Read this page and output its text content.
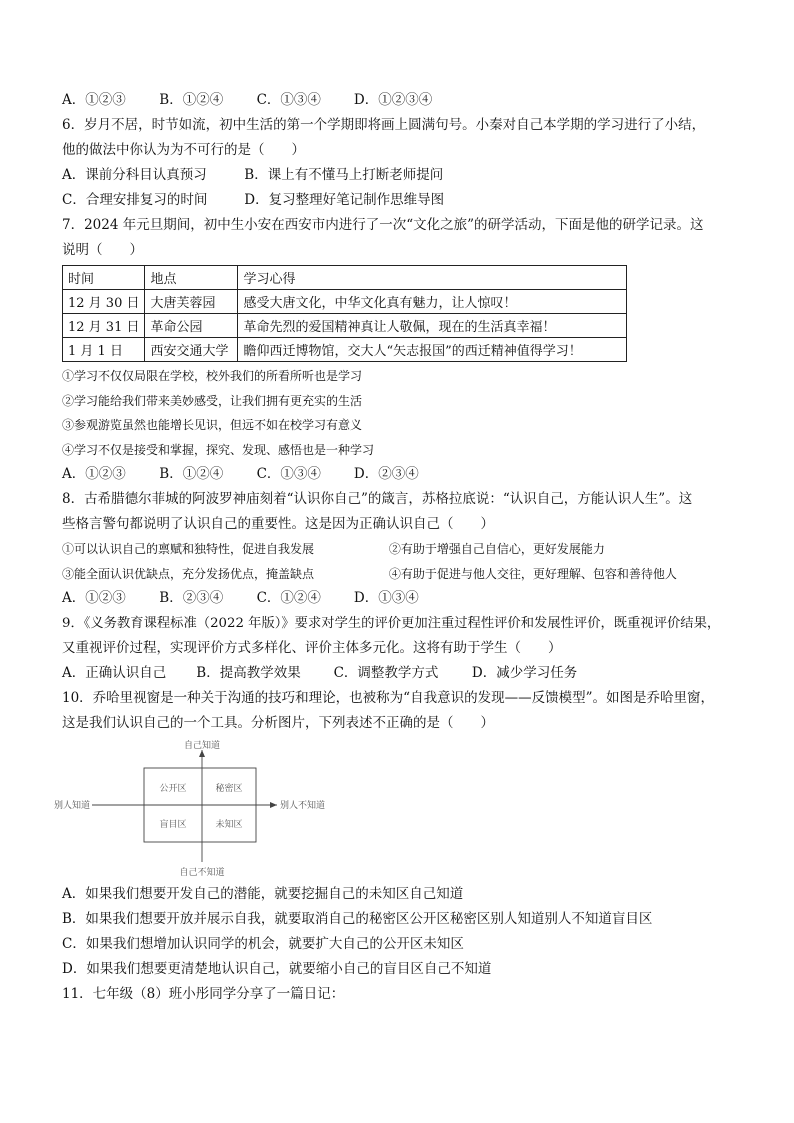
A．①②③ B．①②④ C．①③④ D．①②③④
6．岁月不居，时节如流，初中生活的第一个学期即将画上圆满句号。小秦对自己本学期的学习进行了小结，
他的做法中你认为为不可行的是（　　）
A．课前分科目认真预习	B．课上有不懂马上打断老师提问
C．合理安排复习的时间	D．复习整理好笔记制作思维导图
7．2024 年元旦期间，初中生小安在西安市内进行了一次“文化之旅”的研学活动，下面是他的研学记录。这
说明（　　）
时间	地点	学习心得
12 月 30 日	大唐芙蓉园	感受大唐文化，中华文化真有魅力，让人惊叹！
12 月 31 日	革命公园	革命先烈的爱国精神真让人敬佩，现在的生活真幸福！
1 月 1 日	西安交通大学	瞻仰西迁博物馆，交大人“矢志报国”的西迁精神值得学习！
①学习不仅仅局限在学校，校外我们的所看所听也是学习
②学习能给我们带来美妙感受，让我们拥有更充实的生活
③参观游览虽然也能增长见识，但远不如在校学习有意义
④学习不仅是接受和掌握，探究、发现、感悟也是一种学习
A．①②③ B．①②④ C．①③④ D．②③④
8．古希腊德尔菲城的阿波罗神庙刻着“认识你自己”的箴言，苏格拉底说：“认识自己，方能认识人生”。这
些格言警句都说明了认识自己的重要性。这是因为正确认识自己（　　）
①可以认识自己的禀赋和独特性，促进自我发展	②有助于增强自己自信心，更好发展能力
③能全面认识优缺点，充分发扬优点，掩盖缺点	④有助于促进与他人交往，更好理解、包容和善待他人
A．①②③ B．②③④ C．①②④ D．①③④
9．《义务教育课程标准（2022 年版）》要求对学生的评价更加注重过程性评价和发展性评价，既重视评价结果，
又重视评价过程，实现评价方式多样化、评价主体多元化。这将有助于学生（　　）
A．正确认识自己 B．提高教学效果 C．调整教学方式 D．减少学习任务
10．乔哈里视窗是一种关于沟通的技巧和理论，也被称为“自我意识的发现——反馈模型”。如图是乔哈里窗，
这是我们认识自己的一个工具。分析图片，下列表述不正确的是（　　）
自己知道
自己不知道
别人知道	别人不知道
公开区	秘密区
盲目区	未知区
A．如果我们想要开发自己的潜能，就要挖掘自己的未知区自己知道
B．如果我们想要开放并展示自我，就要取消自己的秘密区公开区秘密区别人知道别人不知道盲目区
C．如果我们想增加认识同学的机会，就要扩大自己的公开区未知区
D．如果我们想要更清楚地认识自己，就要缩小自己的盲目区自己不知道
11．七年级（8）班小彤同学分享了一篇日记：
